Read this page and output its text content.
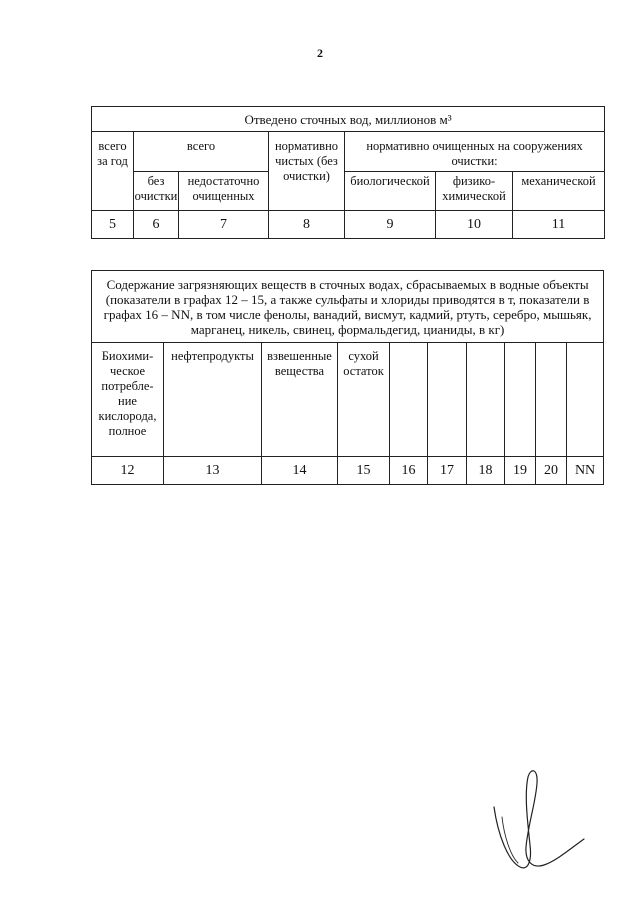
2
Отведено сточных вод, миллионов м³						
всего за год	всего		нормативно чистых (без очистки)	нормативно очищенных на сооружениях очистки:		
	без очистки	недостаточно очищенных		биологической	физико-химической	механической
5	6	7	8	9	10	11
Содержание загрязняющих веществ в сточных водах, сбрасываемых в водные объекты (показатели в графах 12 – 15, а также сульфаты и хлориды приводятся в т, показатели в графах 16 – NN, в том числе фенолы, ванадий, висмут, кадмий, ртуть, серебро, мышьяк, марганец, никель, свинец, формальдегид, цианиды, в кг)									
Биохими-ческое потребле-ние кислорода, полное	нефтепродукты	взвешенные вещества	сухой остаток						
12	13	14	15	16	17	18	19	20	NN
